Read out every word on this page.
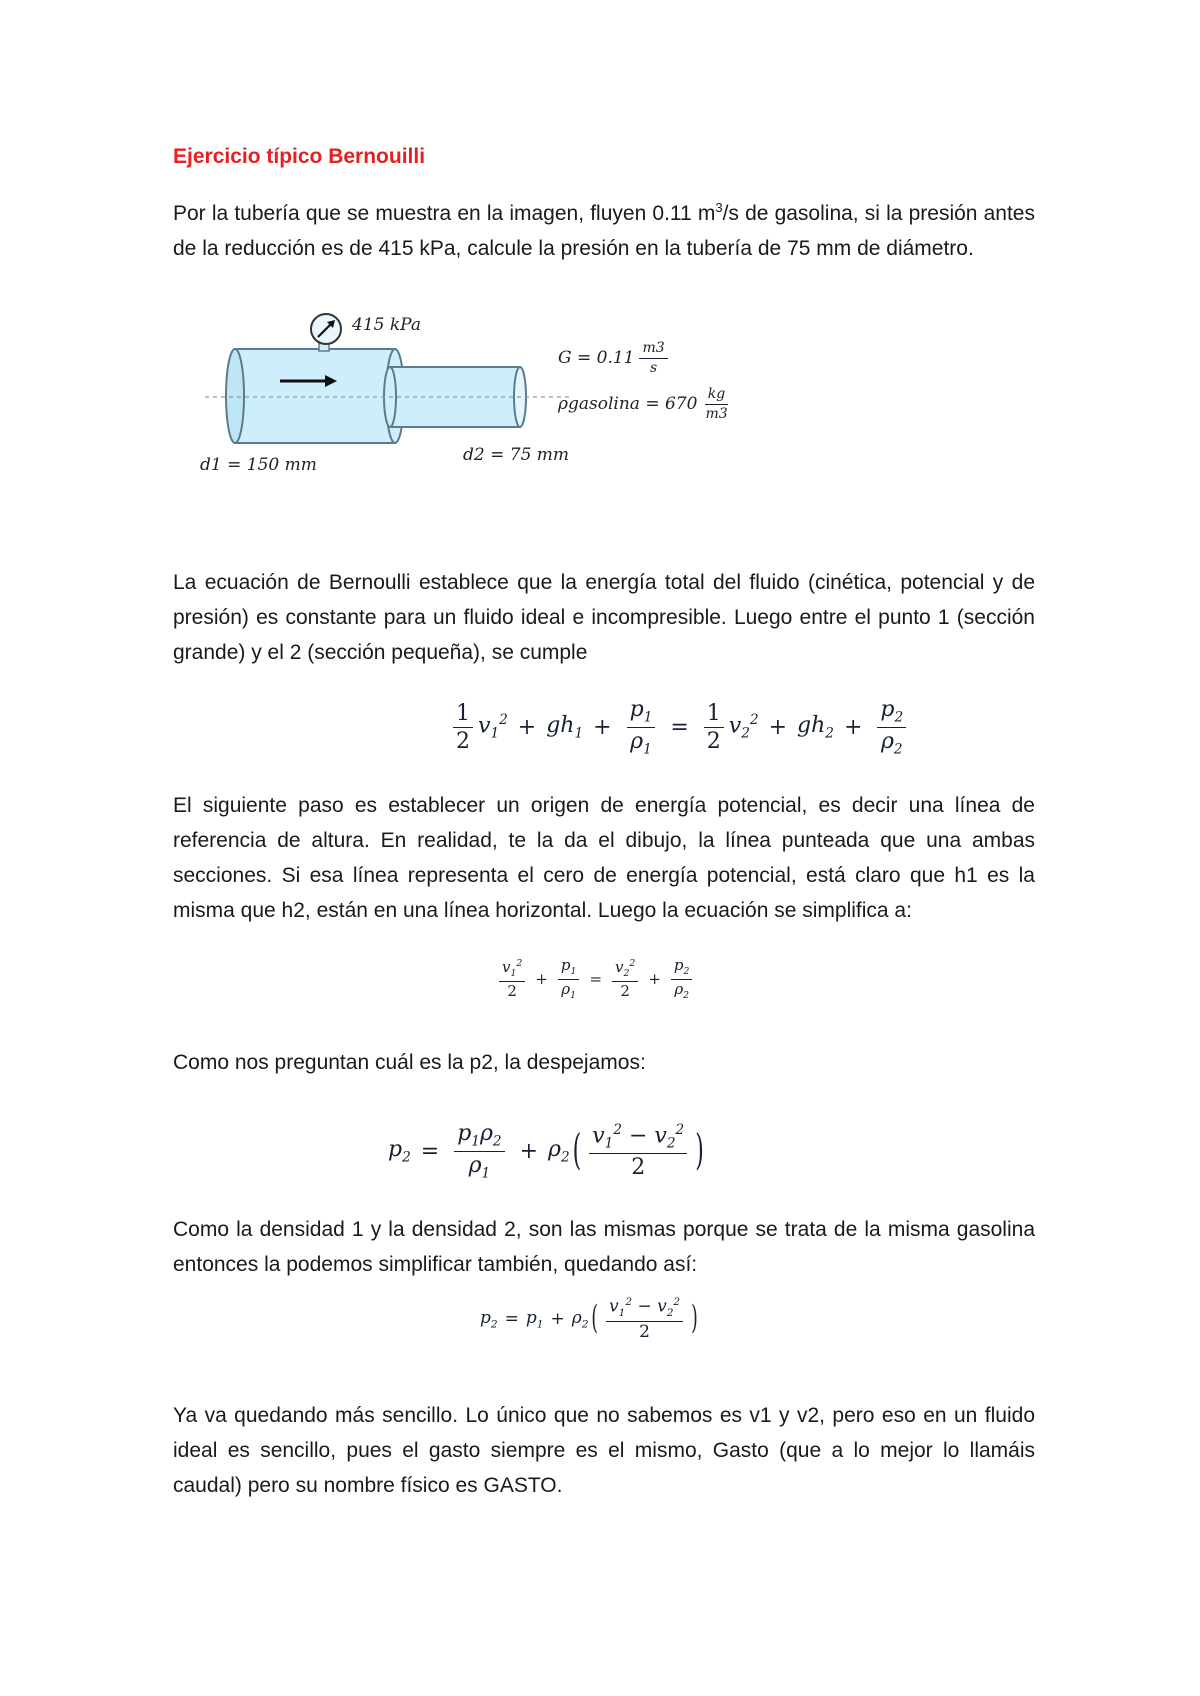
Ejercicio típico Bernouilli

Por la tubería que se muestra en la imagen, fluyen 0.11 $m^3/s$ de gasolina, si la presión antes de la reducción es de 415 kPa, calcule la presión en la tubería de 75 mm de diámetro.

415 kPa
d1 = 150 mm	d2 = 75 mm
$G = 0.11 \frac{m3}{s}$
ρgasolina = $670 \frac{kg}{m3}$

La ecuación de Bernoulli establece que la energía total del fluido (cinética, potencial y de presión) es constante para un fluido ideal e incompresible. Luego entre el punto 1 (sección grande) y el 2 (sección pequeña), se cumple

$\frac{1}{2} v_1^2 + gh_1 + \frac{p_1}{\rho_1} = \frac{1}{2} v_2^2 + gh_2 + \frac{p_2}{\rho_2}$

El siguiente paso es establecer un origen de energía potencial, es decir una línea de referencia de altura. En realidad, te la da el dibujo, la línea punteada que una ambas secciones. Si esa línea representa el cero de energía potencial, está claro que h1 es la misma que h2, están en una línea horizontal. Luego la ecuación se simplifica a:

$\frac{v_1^2}{2} + \frac{p_1}{\rho_1} = \frac{v_2^2}{2} + \frac{p_2}{\rho_2}$

Como nos preguntan cuál es la p2, la despejamos:

$p_2 = \frac{p_1\rho_2}{\rho_1} + \rho_2$ ( $\frac{v_1^2 - v_2^2}{2}$ )

Como la densidad 1 y la densidad 2, son las mismas porque se trata de la misma gasolina entonces la podemos simplificar también, quedando así:

$p_2 = p_1 + \rho_2$ ( $\frac{v_1^2 - v_2^2}{2}$ )

Ya va quedando más sencillo. Lo único que no sabemos es v1 y v2, pero eso en un fluido ideal es sencillo, pues el gasto siempre es el mismo, Gasto (que a lo mejor lo llamáis caudal) pero su nombre físico es GASTO.
